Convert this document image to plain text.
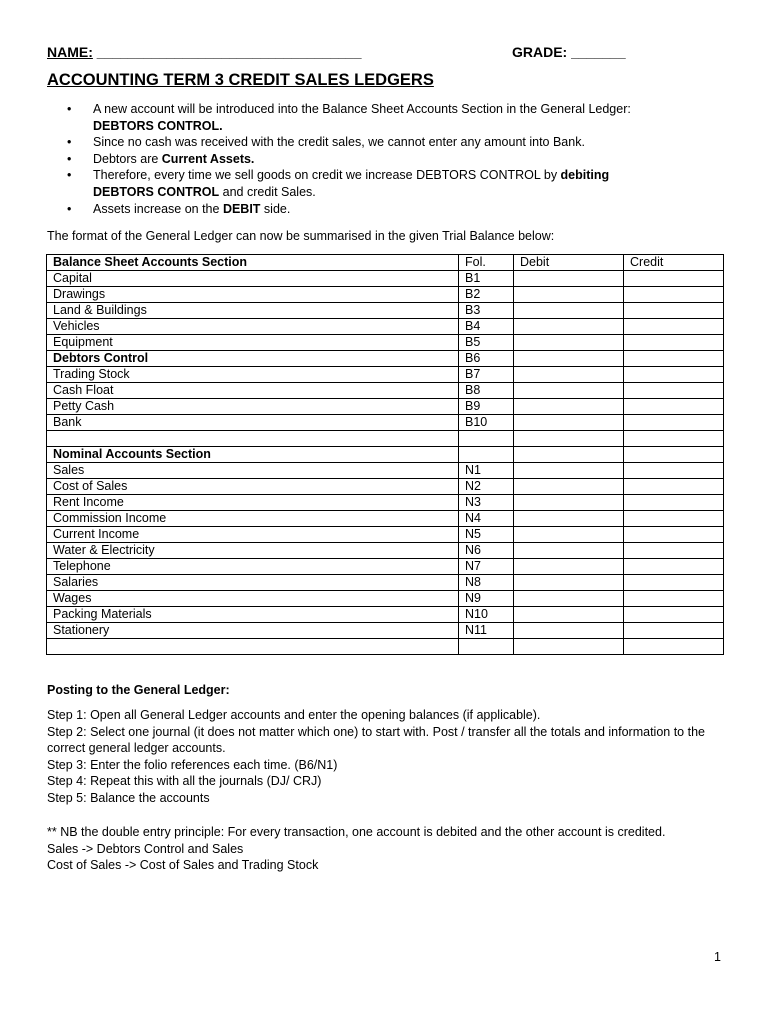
NAME: __________________________________	GRADE: _______
ACCOUNTING TERM 3 CREDIT SALES LEDGERS
• A new account will be introduced into the Balance Sheet Accounts Section in the General Ledger:
DEBTORS CONTROL.
• Since no cash was received with the credit sales, we cannot enter any amount into Bank.
• Debtors are Current Assets.
• Therefore, every time we sell goods on credit we increase DEBTORS CONTROL by debiting
DEBTORS CONTROL and credit Sales.
• Assets increase on the DEBIT side.
The format of the General Ledger can now be summarised in the given Trial Balance below:
Balance Sheet Accounts Section	Fol.	Debit	Credit
Capital	B1		
Drawings	B2		
Land & Buildings	B3		
Vehicles	B4		
Equipment	B5		
Debtors Control	B6		
Trading Stock	B7		
Cash Float	B8		
Petty Cash	B9		
Bank	B10		

Nominal Accounts Section			
Sales	N1		
Cost of Sales	N2		
Rent Income	N3		
Commission Income	N4		
Current Income	N5		
Water & Electricity	N6		
Telephone	N7		
Salaries	N8		
Wages	N9		
Packing Materials	N10		
Stationery	N11		

Posting to the General Ledger:
Step 1: Open all General Ledger accounts and enter the opening balances (if applicable).
Step 2: Select one journal (it does not matter which one) to start with. Post / transfer all the totals and information to the correct general ledger accounts.
Step 3: Enter the folio references each time. (B6/N1)
Step 4: Repeat this with all the journals (DJ/ CRJ)
Step 5: Balance the accounts
** NB the double entry principle: For every transaction, one account is debited and the other account is credited.
Sales -> Debtors Control and Sales
Cost of Sales -> Cost of Sales and Trading Stock
1
